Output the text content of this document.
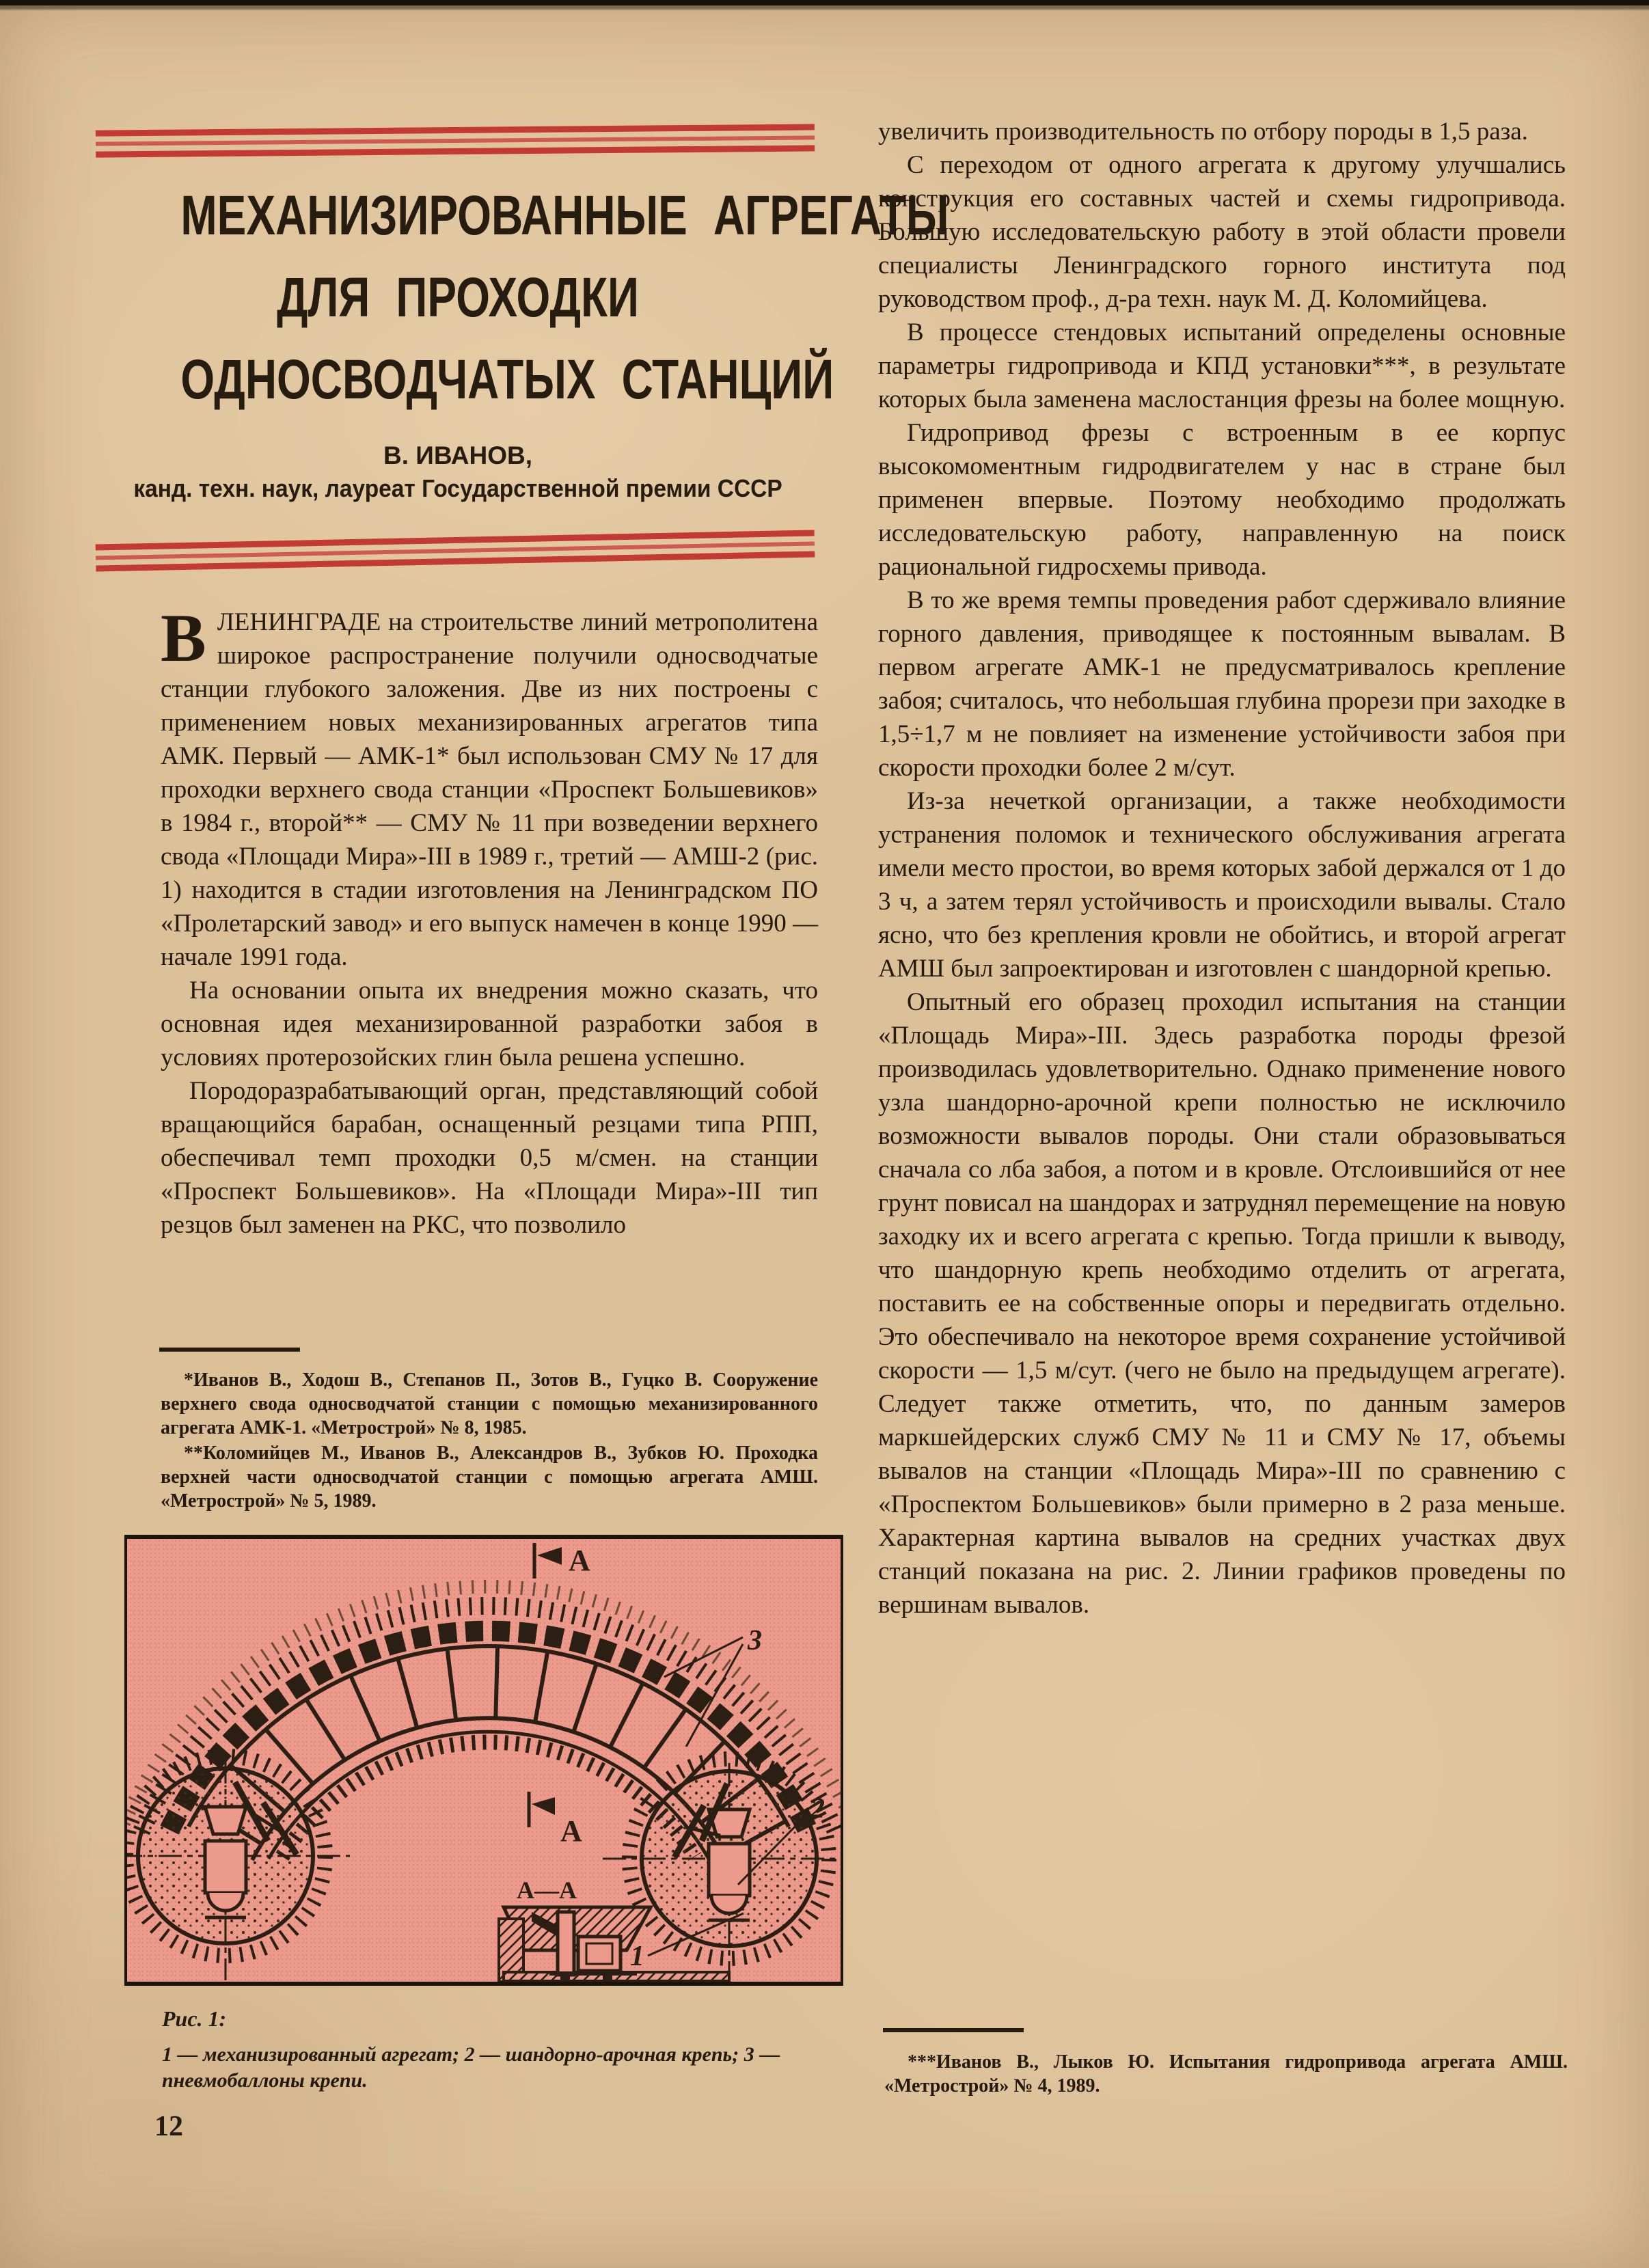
МЕХАНИЗИРОВАННЫЕ АГРЕГАТЫ
ДЛЯ ПРОХОДКИ
ОДНОСВОДЧАТЫХ СТАНЦИЙ
В. ИВАНОВ,
канд. техн. наук, лауреат Государственной премии СССР

ВЛЕНИНГРАДЕ на строительстве линий метрополитена широкое распространение получили односводчатые станции глубокого заложения. Две из них построены с применением новых механизированных агрегатов типа АМК. Первый — АМК-1* был использован СМУ № 17 для проходки верхнего свода станции «Проспект Большевиков» в 1984 г., второй** — СМУ № 11 при возведении верхнего свода «Площади Мира»-III в 1989 г., третий — АМШ-2 (рис. 1) находится в стадии изготовления на Ленинградском ПО «Пролетарский завод» и его выпуск намечен в конце 1990 — начале 1991 года.

На основании опыта их внедрения можно сказать, что основная идея механизированной разработки забоя в условиях протерозойских глин была решена успешно.

Породоразрабатывающий орган, представляющий собой вращающийся барабан, оснащенный резцами типа РПП, обеспечивал темп проходки 0,5 м/смен. на станции «Проспект Большевиков». На «Площади Мира»-III тип резцов был заменен на РКС, что позволило

*Иванов В., Ходош В., Степанов П., Зотов В., Гуцко В. Сооружение верхнего свода односводчатой станции с помощью механизированного агрегата АМК-1. «Метрострой» № 8, 1985.

**Коломийцев М., Иванов В., Александров В., Зубков Ю. Проходка верхней части односводчатой станции с помощью агрегата АМШ. «Метрострой» № 5, 1989.

А
А
А—А
3
2
1
Рис. 1:
1 — механизированный агрегат; 2 — шандорно-арочная крепь; 3 — пневмобаллоны крепи.
12

увеличить производительность по отбору породы в 1,5 раза.

С переходом от одного агрегата к другому улучшались конструкция его составных частей и схемы гидропривода. Большую исследовательскую работу в этой области провели специалисты Ленинградского горного института под руководством проф., д-ра техн. наук М. Д. Коломийцева.

В процессе стендовых испытаний определены основные параметры гидропривода и КПД установки***, в результате которых была заменена маслостанция фрезы на более мощную.

Гидропривод фрезы с встроенным в ее корпус высокомоментным гидродвигателем у нас в стране был применен впервые. Поэтому необходимо продолжать исследовательскую работу, направленную на поиск рациональной гидросхемы привода.

В то же время темпы проведения работ сдерживало влияние горного давления, приводящее к постоянным вывалам. В первом агрегате АМК-1 не предусматривалось крепление забоя; считалось, что небольшая глубина прорези при заходке в 1,5÷1,7 м не повлияет на изменение устойчивости забоя при скорости проходки более 2 м/сут.

Из-за нечеткой организации, а также необходимости устранения поломок и технического обслуживания агрегата имели место простои, во время которых забой держался от 1 до 3 ч, а затем терял устойчивость и происходили вывалы. Стало ясно, что без крепления кровли не обойтись, и второй агрегат АМШ был запроектирован и изготовлен с шандорной крепью.

Опытный его образец проходил испытания на станции «Площадь Мира»-III. Здесь разработка породы фрезой производилась удовлетворительно. Однако применение нового узла шандорно-арочной крепи полностью не исключило возможности вывалов породы. Они стали образовываться сначала со лба забоя, а потом и в кровле. Отслоившийся от нее грунт повисал на шандорах и затруднял перемещение на новую заходку их и всего агрегата с крепью. Тогда пришли к выводу, что шандорную крепь необходимо отделить от агрегата, поставить ее на собственные опоры и передвигать отдельно. Это обеспечивало на некоторое время сохранение устойчивой скорости — 1,5 м/сут. (чего не было на предыдущем агрегате). Следует также отметить, что, по данным замеров маркшейдерских служб СМУ № 11 и СМУ № 17, объемы вывалов на станции «Площадь Мира»-III по сравнению с «Проспектом Большевиков» были примерно в 2 раза меньше. Характерная картина вывалов на средних участках двух станций показана на рис. 2. Линии графиков проведены по вершинам вывалов.

***Иванов В., Лыков Ю. Испытания гидропривода агрегата АМШ. «Метрострой» № 4, 1989.
